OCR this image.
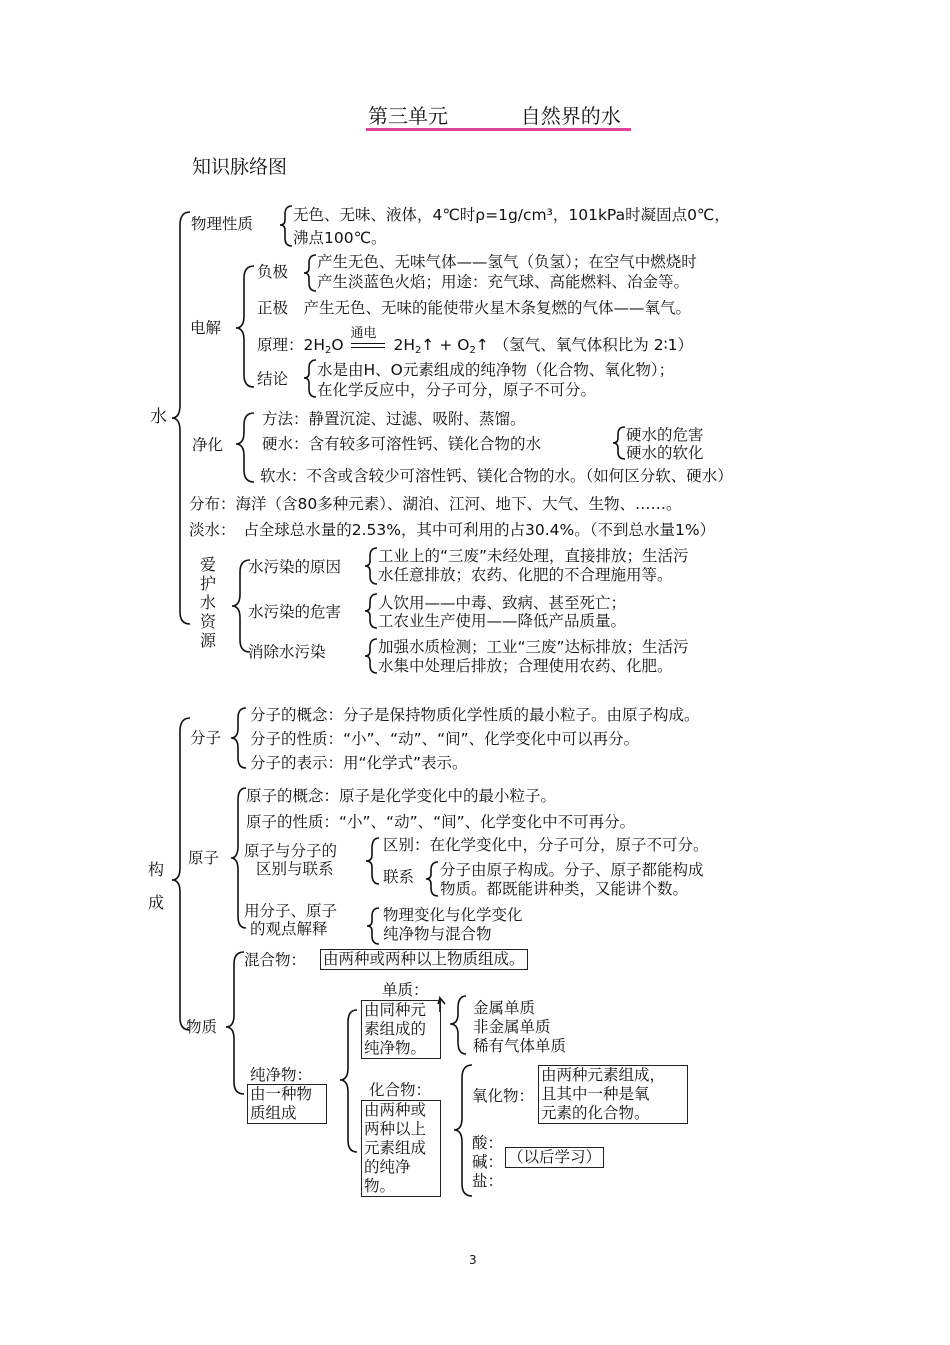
第三单元	自然界的水
知识脉络图
水
物理性质	无色、无味、液体，4℃时ρ=1g/cm³，101kPa时凝固点0℃，
沸点100℃。
电解
负极
产生无色、无味气体——氢气（负氢）；在空气中燃烧时
产生淡蓝色火焰；用途：充气球、高能燃料、冶金等。
正极　产生无色、无味的能使带火星木条复燃的气体——氧气。
原理：$2H_2O$
通电
$2H_2↑$ + $O_2↑$ （氢气、氧气体积比为 2∶1）
结论 水是由H、O元素组成的纯净物（化合物、氧化物）；
在化学反应中，分子可分，原子不可分。
净化
方法：静置沉淀、过滤、吸附、蒸馏。
硬水：含有较多可溶性钙、镁化合物的水	硬水的危害
硬水的软化
软水：不含或含较少可溶性钙、镁化合物的水。（如何区分软、硬水）
分布：海洋（含80多种元素）、湖泊、江河、地下、大气、生物、……。
淡水：　占全球总水量的2.53%，其中可利用的占30.4%。（不到总水量1%）
爱护水资源
水污染的原因
工业上的“三废”未经处理，直接排放；生活污
水任意排放；农药、化肥的不合理施用等。
水污染的危害 人饮用——中毒、致病、甚至死亡；
工农业生产使用——降低产品质量。
消除水污染	加强水质检测；工业“三废”达标排放；生活污
水集中处理后排放；合理使用农药、化肥。
构成
分子
分子的概念：分子是保持物质化学性质的最小粒子。由原子构成。
分子的性质：“小”、“动”、“间”、化学变化中可以再分。
分子的表示：用“化学式”表示。
原子
原子的概念：原子是化学变化中的最小粒子。
原子的性质：“小”、“动”、“间”、化学变化中不可再分。
原子与分子的
区别与联系
区别：在化学变化中，分子可分，原子不可分。
联系 分子由原子构成。分子、原子都能构成
物质。都既能讲种类，又能讲个数。
用分子、原子
的观点解释
物理变化与化学变化
纯净物与混合物
物质
混合物： 由两种或两种以上物质组成。
纯净物：
由一种物质组成
单质：
由同种元素组成的纯净物。
金属单质
非金属单质
稀有气体单质
化合物：
由两种或两种以上元素组成的纯净物。
氧化物：
由两种元素组成，
且其中一种是氧
元素的化合物。
酸：
碱：
盐：
（以后学习）
3
